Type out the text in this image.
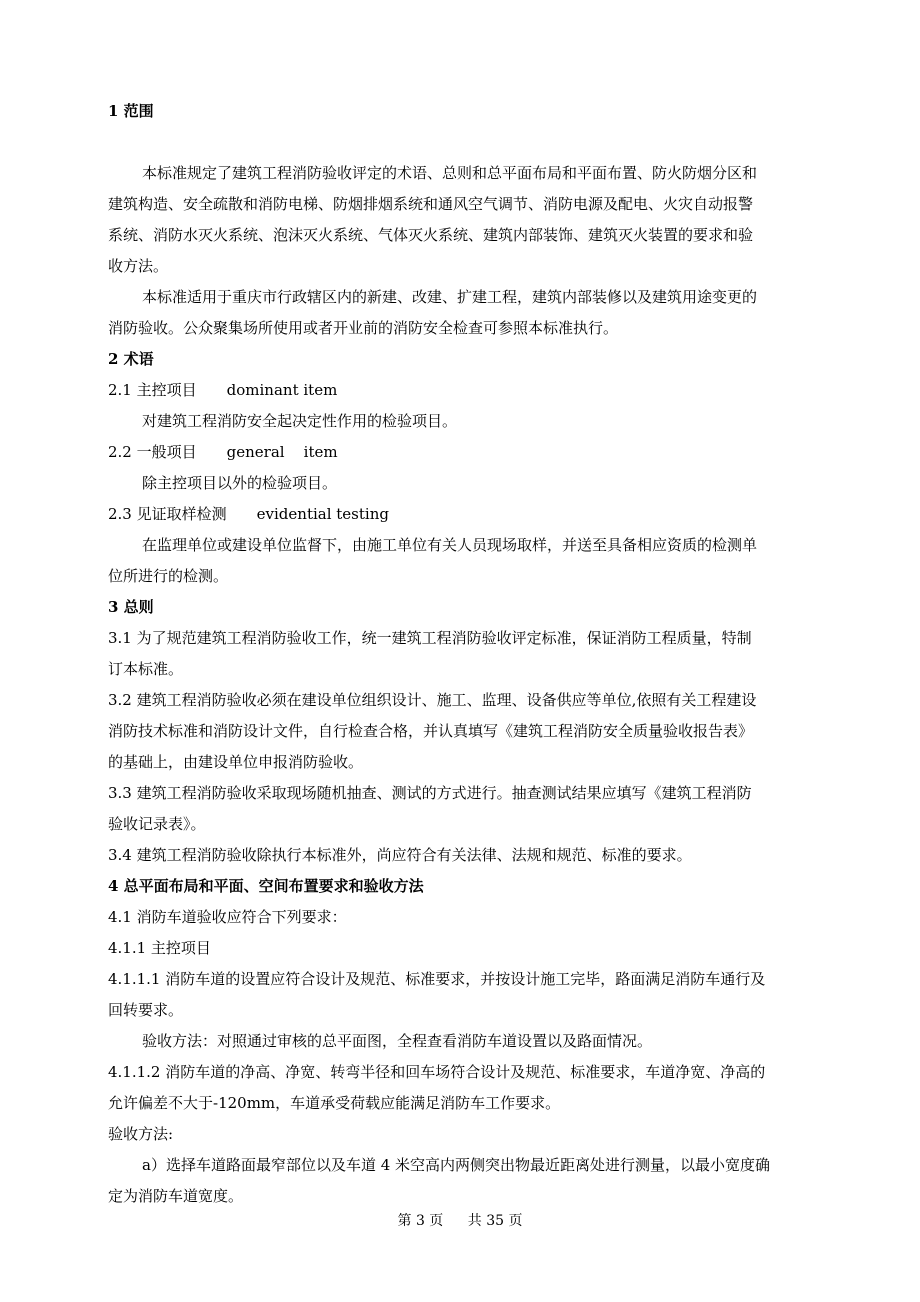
1 范围
本标准规定了建筑工程消防验收评定的术语、总则和总平面布局和平面布置、防火防烟分区和
建筑构造、安全疏散和消防电梯、防烟排烟系统和通风空气调节、消防电源及配电、火灾自动报警
系统、消防水灭火系统、泡沫灭火系统、气体灭火系统、建筑内部装饰、建筑灭火装置的要求和验
收方法。
本标准适用于重庆市行政辖区内的新建、改建、扩建工程，建筑内部装修以及建筑用途变更的
消防验收。公众聚集场所使用或者开业前的消防安全检查可参照本标准执行。
2 术语
2.1 主控项目 dominant item
对建筑工程消防安全起决定性作用的检验项目。
2.2 一般项目 general    item
除主控项目以外的检验项目。
2.3 见证取样检测 evidential testing
在监理单位或建设单位监督下，由施工单位有关人员现场取样，并送至具备相应资质的检测单
位所进行的检测。
3 总则
3.1 为了规范建筑工程消防验收工作，统一建筑工程消防验收评定标准，保证消防工程质量，特制
订本标准。
3.2 建筑工程消防验收必须在建设单位组织设计、施工、监理、设备供应等单位,依照有关工程建设
消防技术标准和消防设计文件，自行检查合格，并认真填写《建筑工程消防安全质量验收报告表》
的基础上，由建设单位申报消防验收。
3.3 建筑工程消防验收采取现场随机抽查、测试的方式进行。抽查测试结果应填写《建筑工程消防
验收记录表》。
3.4 建筑工程消防验收除执行本标准外，尚应符合有关法律、法规和规范、标准的要求。
4 总平面布局和平面、空间布置要求和验收方法
4.1 消防车道验收应符合下列要求：
4.1.1 主控项目
4.1.1.1 消防车道的设置应符合设计及规范、标准要求，并按设计施工完毕，路面满足消防车通行及
回转要求。
验收方法：对照通过审核的总平面图，全程查看消防车道设置以及路面情况。
4.1.1.2 消防车道的净高、净宽、转弯半径和回车场符合设计及规范、标准要求，车道净宽、净高的
允许偏差不大于-120mm，车道承受荷载应能满足消防车工作要求。
验收方法:
a）选择车道路面最窄部位以及车道 4 米空高内两侧突出物最近距离处进行测量，以最小宽度确
定为消防车道宽度。
第 3 页 共 35 页
